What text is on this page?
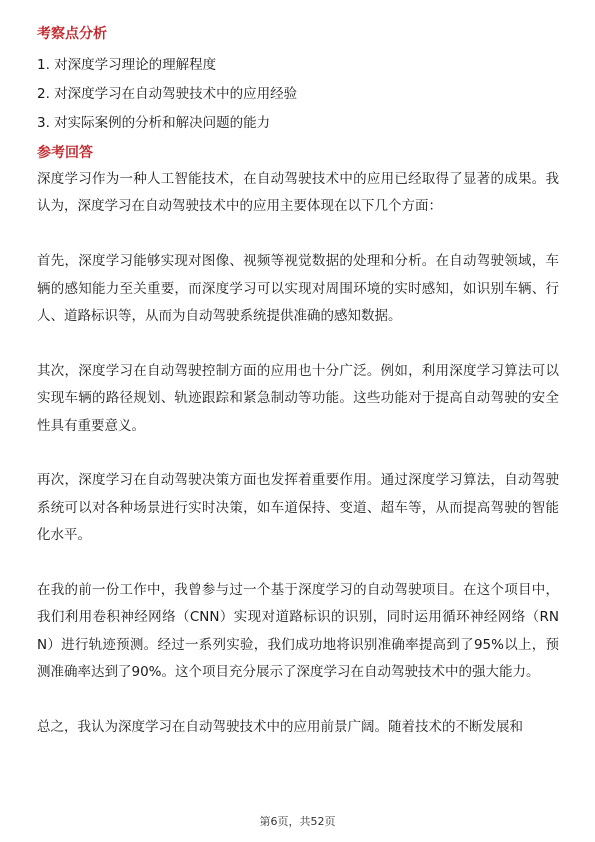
考察点分析
1. 对深度学习理论的理解程度
2. 对深度学习在自动驾驶技术中的应用经验
3. 对实际案例的分析和解决问题的能力
参考回答

深度学习作为一种人工智能技术，在自动驾驶技术中的应用已经取得了显著的成果。我认为，深度学习在自动驾驶技术中的应用主要体现在以下几个方面：

首先，深度学习能够实现对图像、视频等视觉数据的处理和分析。在自动驾驶领域，车辆的感知能力至关重要，而深度学习可以实现对周围环境的实时感知，如识别车辆、行人、道路标识等，从而为自动驾驶系统提供准确的感知数据。

其次，深度学习在自动驾驶控制方面的应用也十分广泛。例如，利用深度学习算法可以实现车辆的路径规划、轨迹跟踪和紧急制动等功能。这些功能对于提高自动驾驶的安全性具有重要意义。

再次，深度学习在自动驾驶决策方面也发挥着重要作用。通过深度学习算法，自动驾驶系统可以对各种场景进行实时决策，如车道保持、变道、超车等，从而提高驾驶的智能化水平。

在我的前一份工作中，我曾参与过一个基于深度学习的自动驾驶项目。在这个项目中，我们利用卷积神经网络（CNN）实现对道路标识的识别，同时运用循环神经网络（RNN）进行轨迹预测。经过一系列实验，我们成功地将识别准确率提高到了95%以上，预测准确率达到了90%。这个项目充分展示了深度学习在自动驾驶技术中的强大能力。

总之，我认为深度学习在自动驾驶技术中的应用前景广阔。随着技术的不断发展和

第6页，共52页
